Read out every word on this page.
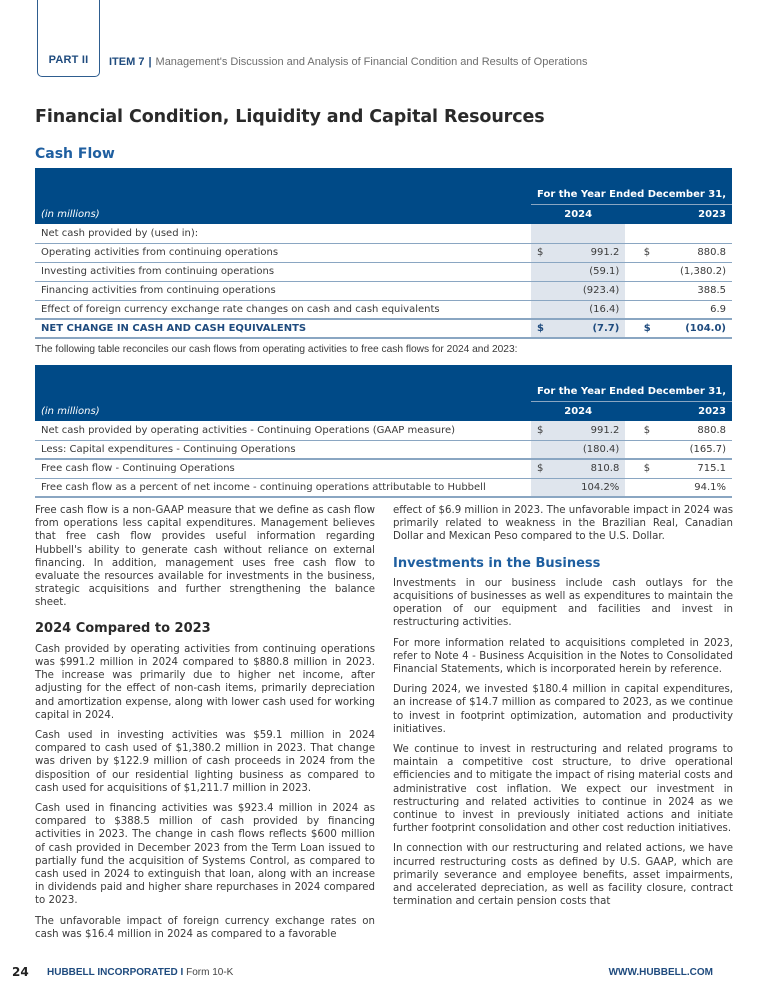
PART II	ITEM 7 | Management's Discussion and Analysis of Financial Condition and Results of Operations
Financial Condition, Liquidity and Capital Resources
Cash Flow
	For the Year Ended December 31,				
(in millions)	2024			2023	
Net cash provided by (used in):					
Operating activities from continuing operations	$	991.2		$	880.8
Investing activities from continuing operations		(59.1)			(1,380.2)
Financing activities from continuing operations		(923.4)			388.5
Effect of foreign currency exchange rate changes on cash and cash equivalents		(16.4)			6.9
NET CHANGE IN CASH AND CASH EQUIVALENTS	$	(7.7)		$	(104.0)
The following table reconciles our cash flows from operating activities to free cash flows for 2024 and 2023:
	For the Year Ended December 31,				
(in millions)	2024			2023	
Net cash provided by operating activities - Continuing Operations (GAAP measure)	$	991.2		$	880.8
Less: Capital expenditures - Continuing Operations		(180.4)			(165.7)
Free cash flow - Continuing Operations	$	810.8		$	715.1
Free cash flow as a percent of net income - continuing operations attributable to Hubbell		104.2%			94.1%

Free cash flow is a non-GAAP measure that we define as cash flow from operations less capital expenditures. Management believes that free cash flow provides useful information regarding Hubbell's ability to generate cash without reliance on external financing. In addition, management uses free cash flow to evaluate the resources available for investments in the business, strategic acquisitions and further strengthening the balance sheet.

2024 Compared to 2023

Cash provided by operating activities from continuing operations was $991.2 million in 2024 compared to $880.8 million in 2023. The increase was primarily due to higher net income, after adjusting for the effect of non-cash items, primarily depreciation and amortization expense, along with lower cash used for working capital in 2024.

Cash used in investing activities was $59.1 million in 2024 compared to cash used of $1,380.2 million in 2023. That change was driven by $122.9 million of cash proceeds in 2024 from the disposition of our residential lighting business as compared to cash used for acquisitions of $1,211.7 million in 2023.

Cash used in financing activities was $923.4 million in 2024 as compared to $388.5 million of cash provided by financing activities in 2023. The change in cash flows reflects $600 million of cash provided in December 2023 from the Term Loan issued to partially fund the acquisition of Systems Control, as compared to cash used in 2024 to extinguish that loan, along with an increase in dividends paid and higher share repurchases in 2024 compared to 2023.

The unfavorable impact of foreign currency exchange rates on cash was $16.4 million in 2024 as compared to a favorable

effect of $6.9 million in 2023. The unfavorable impact in 2024 was primarily related to weakness in the Brazilian Real, Canadian Dollar and Mexican Peso compared to the U.S. Dollar.

Investments in the Business

Investments in our business include cash outlays for the acquisitions of businesses as well as expenditures to maintain the operation of our equipment and facilities and invest in restructuring activities.

For more information related to acquisitions completed in 2023, refer to Note 4 - Business Acquisition in the Notes to Consolidated Financial Statements, which is incorporated herein by reference.

During 2024, we invested $180.4 million in capital expenditures, an increase of $14.7 million as compared to 2023, as we continue to invest in footprint optimization, automation and productivity initiatives.

We continue to invest in restructuring and related programs to maintain a competitive cost structure, to drive operational efficiencies and to mitigate the impact of rising material costs and administrative cost inflation. We expect our investment in restructuring and related activities to continue in 2024 as we continue to invest in previously initiated actions and initiate further footprint consolidation and other cost reduction initiatives.

In connection with our restructuring and related actions, we have incurred restructuring costs as defined by U.S. GAAP, which are primarily severance and employee benefits, asset impairments, and accelerated depreciation, as well as facility closure, contract termination and certain pension costs that

24 HUBBELL INCORPORATED I Form 10-K	WWW.HUBBELL.COM
